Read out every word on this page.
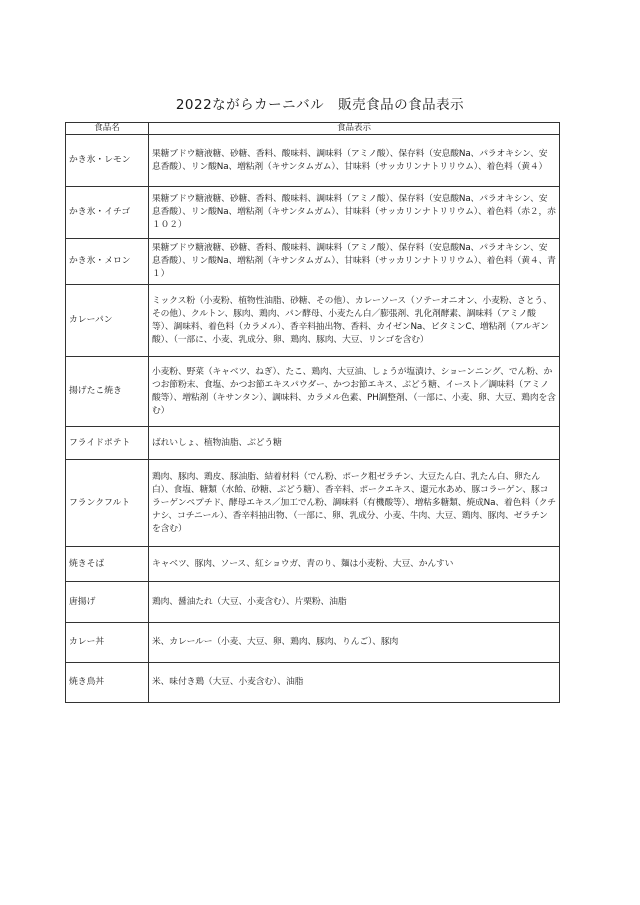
2022ながらカーニバル　販売食品の食品表示
食品名	食品表示
かき氷・レモン	果糖ブドウ糖液糖、砂糖、香料、酸味料、調味料（アミノ酸）、保存料（安息酸Na、パラオキシン、安息香酸）、リン酸Na、増粘剤（キサンタムガム）、甘味料（サッカリンナトリリウム）、着色料（黄４）
かき氷・イチゴ	果糖ブドウ糖液糖、砂糖、香料、酸味料、調味料（アミノ酸）、保存料（安息酸Na、パラオキシン、安息香酸）、リン酸Na、増粘剤（キサンタムガム）、甘味料（サッカリンナトリリウム）、着色料（赤２，赤１０２）
かき氷・メロン	果糖ブドウ糖液糖、砂糖、香料、酸味料、調味料（アミノ酸）、保存料（安息酸Na、パラオキシン、安息香酸）、リン酸Na、増粘剤（キサンタムガム）、甘味料（サッカリンナトリリウム）、着色料（黄４、青１）
カレーパン	ミックス粉（小麦粉、植物性油脂、砂糖、その他）、カレーソース（ソテーオニオン、小麦粉、さとう、その他）、クルトン、豚肉、鶏肉、パン酵母、小麦たん白／膨張剤、乳化剤酵素、調味料（アミノ酸等）、調味料、着色料（カラメル）、香辛料抽出物、香料、カイゼンNa、ビタミンC、増粘剤（アルギン酸）、（一部に、小麦、乳成分、卵、鶏肉、豚肉、大豆、リンゴを含む）
揚げたこ焼き	小麦粉、野菜（キャベツ、ねぎ）、たこ、鶏肉、大豆油、しょうが塩漬け、ショーンニング、でん粉、かつお節粉末、食塩、かつお節エキスパウダー、かつお節エキス、ぶどう糖、イースト／調味料（アミノ酸等）、増粘剤（キサンタン）、調味料、カラメル色素、PH調整剤、（一部に、小麦、卵、大豆、鶏肉を含む）
フライドポテト	ばれいしょ、植物油脂、ぶどう糖
フランクフルト	鶏肉、豚肉、鶏皮、豚油脂、結着材料（でん粉、ポーク粗ゼラチン、大豆たん白、乳たん白、卵たん白）、食塩、糖類（水飴、砂糖、ぶどう糖）、香辛料、ポークエキス、還元水あめ、豚コラーゲン、豚コラーゲンペプチド、酵母エキス／加工でん粉、調味料（有機酸等）、増粘多糖類、焼成Na、着色料（クチナシ、コチニール）、香辛料抽出物、（一部に、卵、乳成分、小麦、牛肉、大豆、鶏肉、豚肉、ゼラチンを含む）
焼きそば	キャベツ、豚肉、ソース、紅ショウガ、青のり、麺は小麦粉、大豆、かんすい
唐揚げ	鶏肉、醤油たれ（大豆、小麦含む）、片栗粉、油脂
カレー丼	米、カレールー（小麦、大豆、卵、鶏肉、豚肉、りんご）、豚肉
焼き鳥丼	米、味付き鶏（大豆、小麦含む）、油脂
